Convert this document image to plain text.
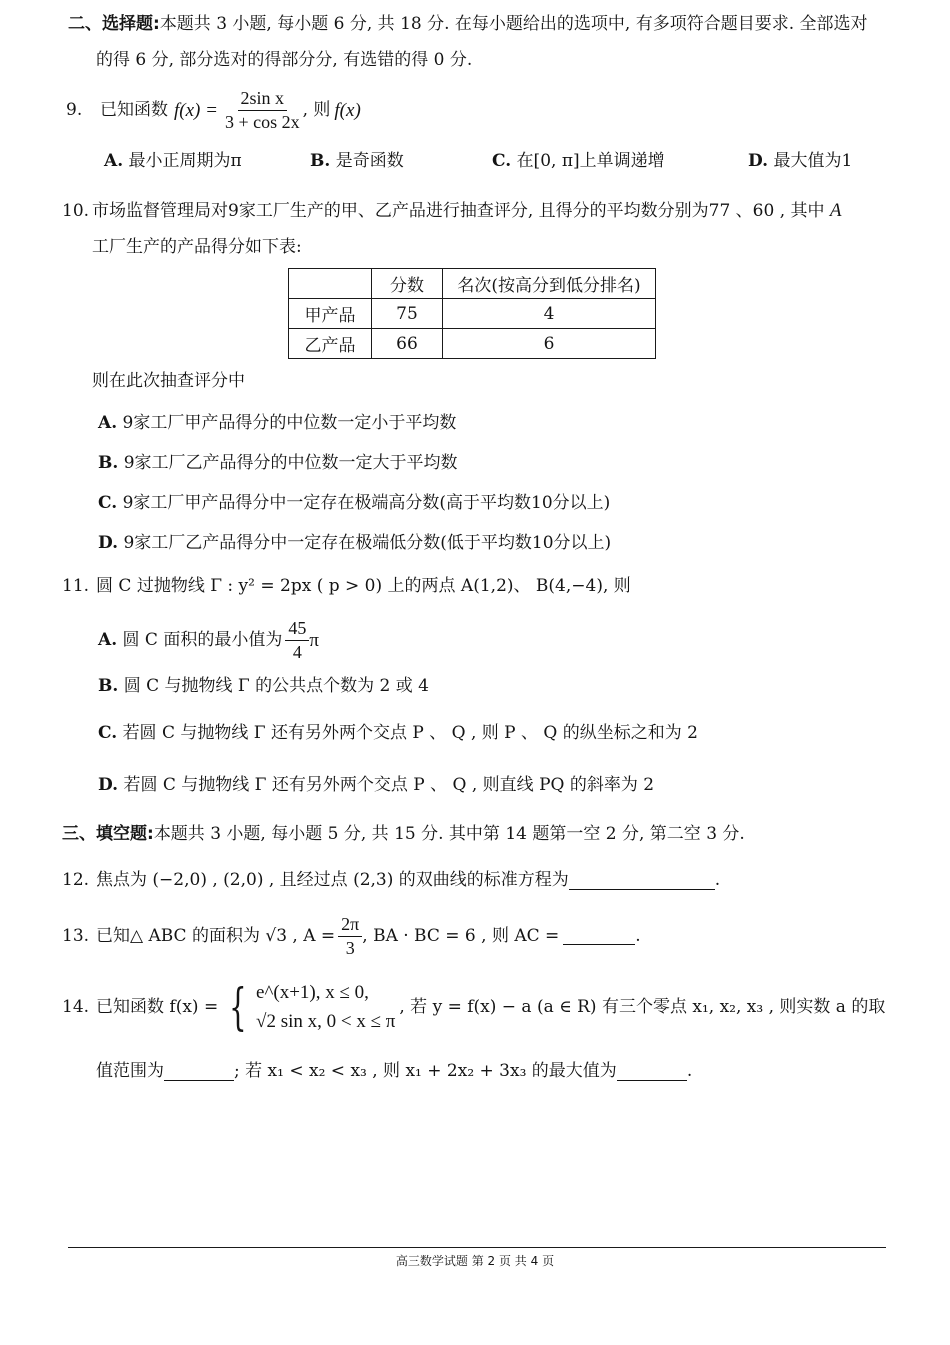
二、选择题:本题共 3 小题, 每小题 6 分, 共 18 分. 在每小题给出的选项中, 有多项符合题目要求. 全部选对
的得 6 分, 部分选对的得部分分, 有选错的得 0 分.
9.	已知函数 $f(x) = \frac{\text{2sin x}}{3 + \cos 2x}$ , 则 f(x)
A. 最小正周期为π	B. 是奇函数	C. 在[0, π]上单调递增	D. 最大值为1
10. 市场监督管理局对9家工厂生产的甲、乙产品进行抽查评分, 且得分的平均数分别为77 、60 , 其中 A
工厂生产的产品得分如下表:
	分数	名次(按高分到低分排名)
甲产品	75	4
乙产品	66	6
则在此次抽查评分中
A. 9家工厂甲产品得分的中位数一定小于平均数
B. 9家工厂乙产品得分的中位数一定大于平均数
C. 9家工厂甲产品得分中一定存在极端高分数(高于平均数10分以上)
D. 9家工厂乙产品得分中一定存在极端低分数(低于平均数10分以上)
11. 圆 C 过抛物线 Γ : y² = 2px ( p > 0) 上的两点 A(1,2)、 B(4,−4), 则
A.
圆 C 面积的最小值为 $\frac{45}{4}$ π
B. 圆 C 与抛物线 Γ 的公共点个数为 2 或 4
C. 若圆 C 与抛物线 Γ 还有另外两个交点 P 、 Q , 则 P 、 Q 的纵坐标之和为 2
D. 若圆 C 与抛物线 Γ 还有另外两个交点 P 、 Q , 则直线 PQ 的斜率为 2
三、填空题:本题共 3 小题, 每小题 5 分, 共 15 分. 其中第 14 题第一空 2 分, 第二空 3 分.
12. 焦点为 (−2,0) , (2,0) , 且经过点 (2,3) 的双曲线的标准方程为	.
13. 已知△ ABC 的面积为 √3 , $A = \frac{2\pi}{3}$ , BA · BC = 6 , 则 AC =
	.
14. 已知函数 f(x) = { e^(x+1), x ≤ 0,
√2 sin x, 0 < x ≤ π
, 若 y = f(x) − a (a ∈ R) 有三个零点 x₁, x₂, x₃ , 则实数 a 的取
值范围为	; 若 x₁ < x₂ < x₃ , 则 x₁ + 2x₂ + 3x₃ 的最大值为	.
高三数学试题 第 2 页 共 4 页
